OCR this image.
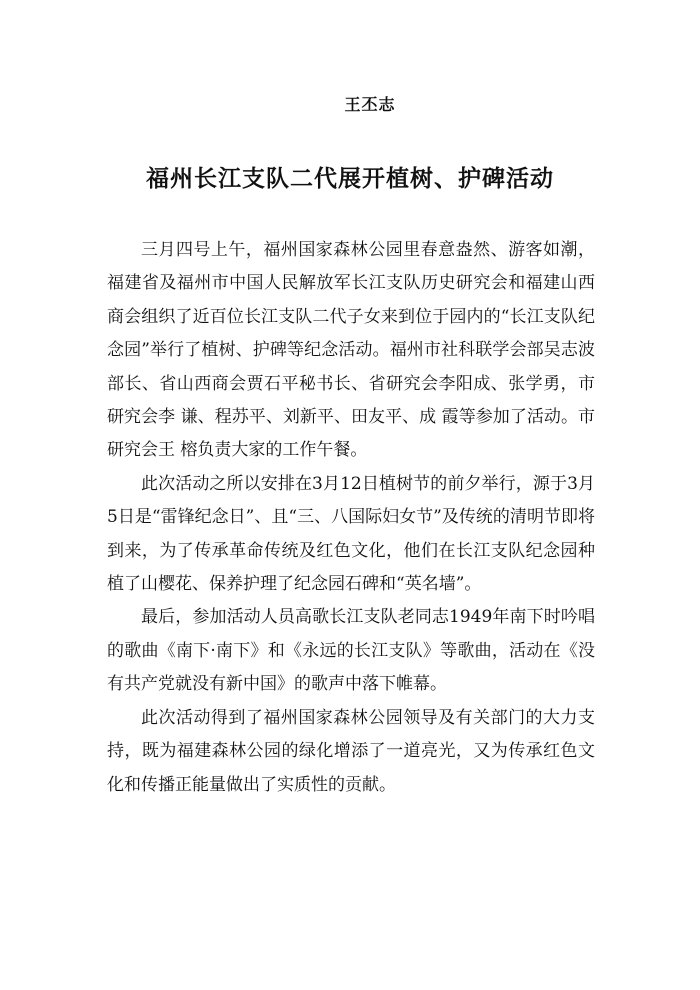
王丕志
福州长江支队二代展开植树、护碑活动

三月四号上午，福州国家森林公园里春意盎然、游客如潮，福建省及福州市中国人民解放军长江支队历史研究会和福建山西商会组织了近百位长江支队二代子女来到位于园内的“长江支队纪念园”举行了植树、护碑等纪念活动。福州市社科联学会部吴志波部长、省山西商会贾石平秘书长、省研究会李阳成、张学勇，市研究会李 谦、程苏平、刘新平、田友平、成 霞等参加了活动。市研究会王 榕负责大家的工作午餐。

此次活动之所以安排在3月12日植树节的前夕举行，源于3月5日是“雷锋纪念日”、且“三、八国际妇女节”及传统的清明节即将到来，为了传承革命传统及红色文化，他们在长江支队纪念园种植了山樱花、保养护理了纪念园石碑和“英名墙”。

最后，参加活动人员高歌长江支队老同志1949年南下时吟唱的歌曲《南下·南下》和《永远的长江支队》等歌曲，活动在《没有共产党就没有新中国》的歌声中落下帷幕。

此次活动得到了福州国家森林公园领导及有关部门的大力支持，既为福建森林公园的绿化增添了一道亮光，又为传承红色文化和传播正能量做出了实质性的贡献。
